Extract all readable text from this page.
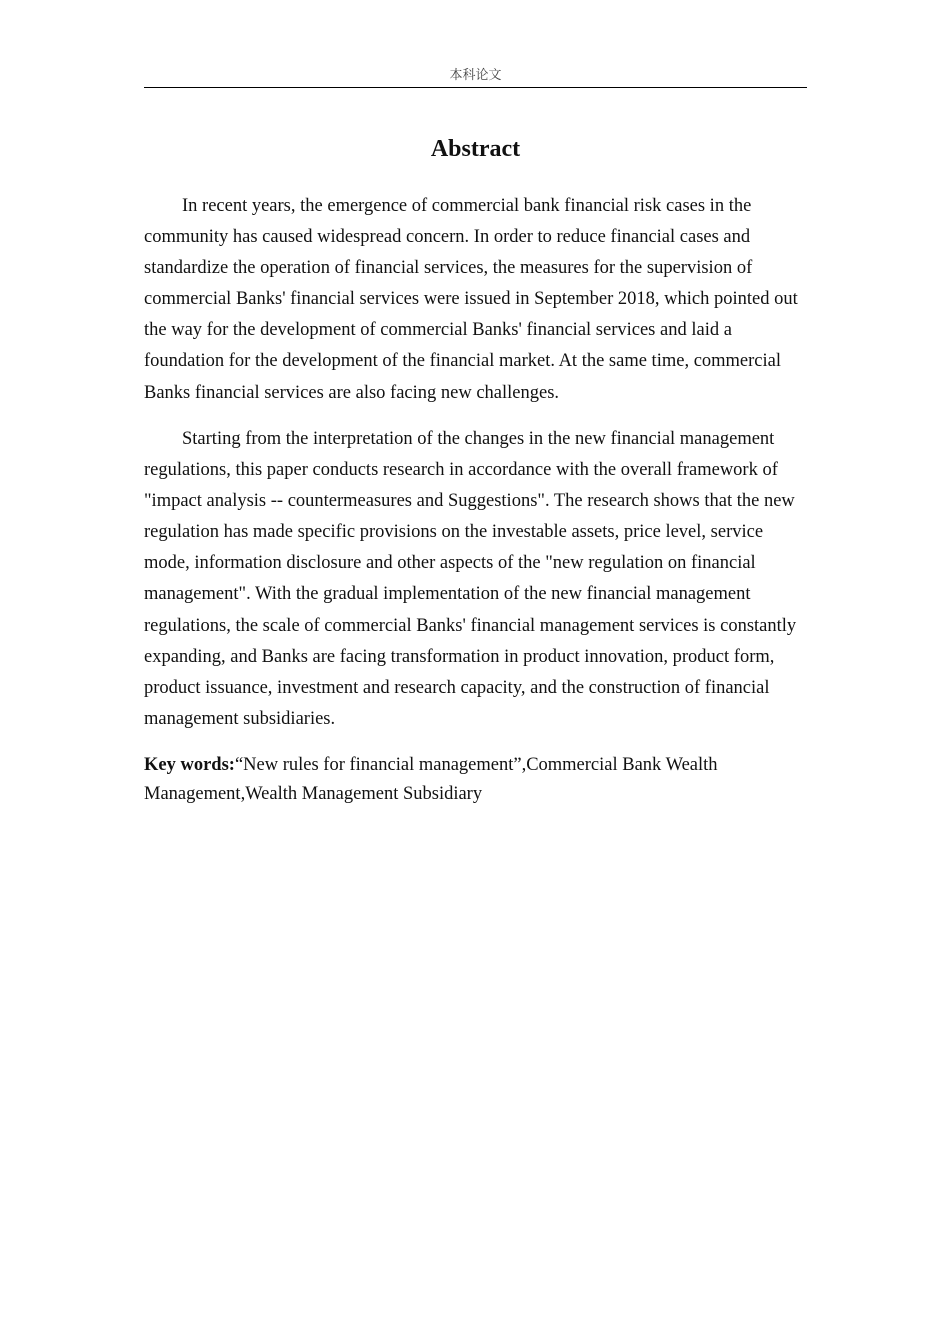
本科论文
Abstract

In recent years, the emergence of commercial bank financial risk cases in the community has caused widespread concern. In order to reduce financial cases and standardize the operation of financial services, the measures for the supervision of commercial Banks' financial services were issued in September 2018, which pointed out the way for the development of commercial Banks' financial services and laid a foundation for the development of the financial market. At the same time, commercial Banks financial services are also facing new challenges.

Starting from the interpretation of the changes in the new financial management regulations, this paper conducts research in accordance with the overall framework of "impact analysis -- countermeasures and Suggestions". The research shows that the new regulation has made specific provisions on the investable assets, price level, service mode, information disclosure and other aspects of the "new regulation on financial management". With the gradual implementation of the new financial management regulations, the scale of commercial Banks' financial management services is constantly expanding, and Banks are facing transformation in product innovation, product form, product issuance, investment and research capacity, and the construction of financial management subsidiaries.

Key words:“New rules for financial management”,Commercial Bank Wealth Management,Wealth Management Subsidiary
